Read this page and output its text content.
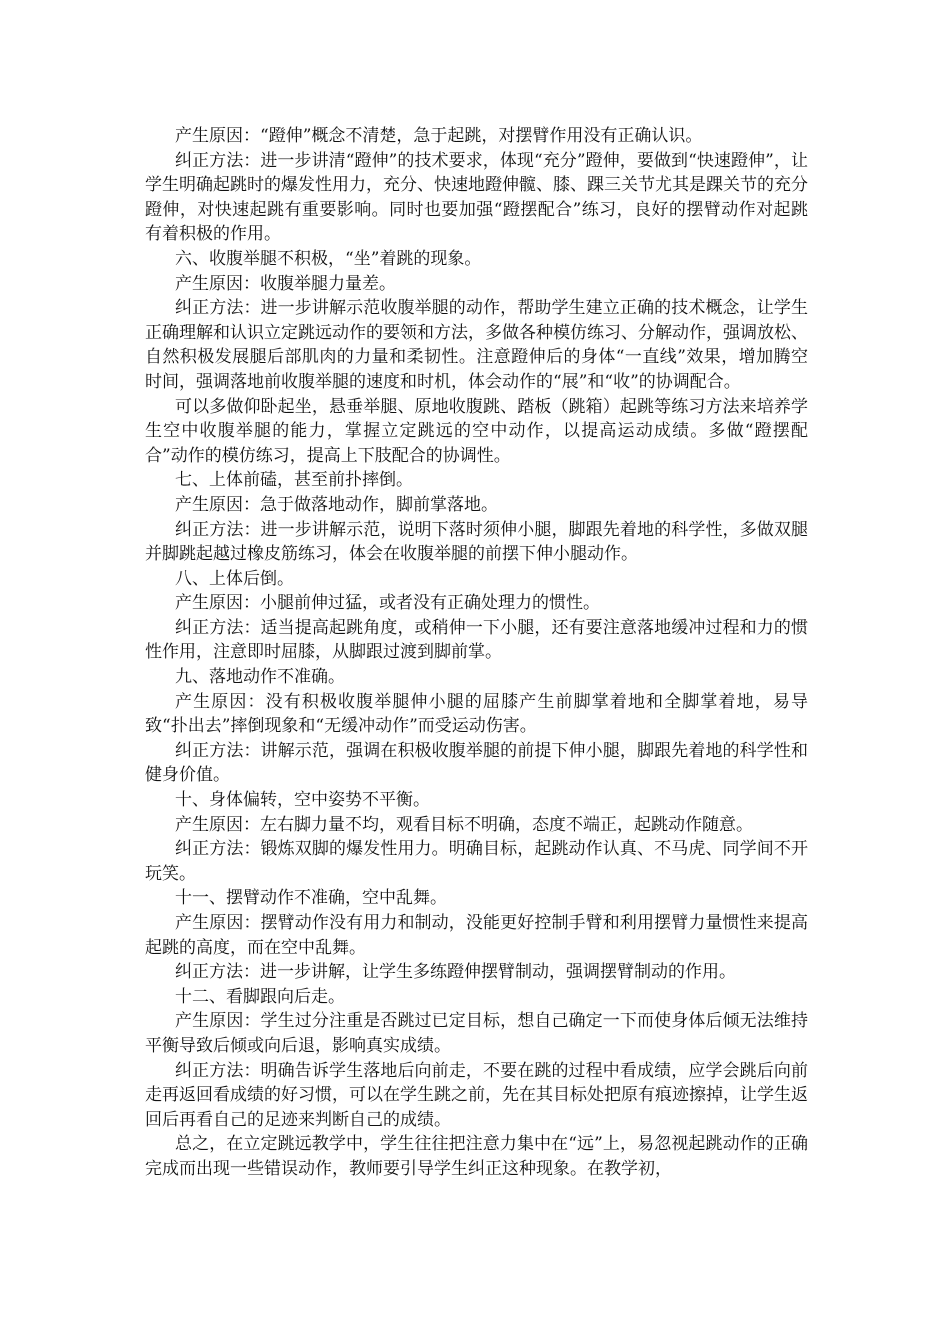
产生原因：“蹬伸”概念不清楚，急于起跳，对摆臂作用没有正确认识。

纠正方法：进一步讲清“蹬伸”的技术要求，体现“充分”蹬伸，要做到“快速蹬伸”，让学生明确起跳时的爆发性用力，充分、快速地蹬伸髋、膝、踝三关节尤其是踝关节的充分蹬伸，对快速起跳有重要影响。同时也要加强“蹬摆配合”练习，良好的摆臂动作对起跳有着积极的作用。

六、收腹举腿不积极，“坐”着跳的现象。

产生原因：收腹举腿力量差。

纠正方法：进一步讲解示范收腹举腿的动作，帮助学生建立正确的技术概念，让学生正确理解和认识立定跳远动作的要领和方法，多做各种模仿练习、分解动作，强调放松、自然积极发展腿后部肌肉的力量和柔韧性。注意蹬伸后的身体“一直线”效果，增加腾空时间，强调落地前收腹举腿的速度和时机，体会动作的“展”和“收”的协调配合。

可以多做仰卧起坐，悬垂举腿、原地收腹跳、踏板（跳箱）起跳等练习方法来培养学生空中收腹举腿的能力，掌握立定跳远的空中动作，以提高运动成绩。多做“蹬摆配合”动作的模仿练习，提高上下肢配合的协调性。

七、上体前磕，甚至前扑摔倒。

产生原因：急于做落地动作，脚前掌落地。

纠正方法：进一步讲解示范，说明下落时须伸小腿，脚跟先着地的科学性，多做双腿并脚跳起越过橡皮筋练习，体会在收腹举腿的前摆下伸小腿动作。

八、上体后倒。

产生原因：小腿前伸过猛，或者没有正确处理力的惯性。

纠正方法：适当提高起跳角度，或稍伸一下小腿，还有要注意落地缓冲过程和力的惯性作用，注意即时屈膝，从脚跟过渡到脚前掌。

九、落地动作不准确。

产生原因：没有积极收腹举腿伸小腿的屈膝产生前脚掌着地和全脚掌着地，易导致“扑出去”摔倒现象和“无缓冲动作”而受运动伤害。

纠正方法：讲解示范，强调在积极收腹举腿的前提下伸小腿，脚跟先着地的科学性和健身价值。

十、身体偏转，空中姿势不平衡。

产生原因：左右脚力量不均，观看目标不明确，态度不端正，起跳动作随意。

纠正方法：锻炼双脚的爆发性用力。明确目标，起跳动作认真、不马虎、同学间不开玩笑。

十一、摆臂动作不准确，空中乱舞。

产生原因：摆臂动作没有用力和制动，没能更好控制手臂和利用摆臂力量惯性来提高起跳的高度，而在空中乱舞。

纠正方法：进一步讲解，让学生多练蹬伸摆臂制动，强调摆臂制动的作用。

十二、看脚跟向后走。

产生原因：学生过分注重是否跳过已定目标，想自己确定一下而使身体后倾无法维持平衡导致后倾或向后退，影响真实成绩。

纠正方法：明确告诉学生落地后向前走，不要在跳的过程中看成绩，应学会跳后向前走再返回看成绩的好习惯，可以在学生跳之前，先在其目标处把原有痕迹擦掉，让学生返回后再看自己的足迹来判断自己的成绩。

总之，在立定跳远教学中，学生往往把注意力集中在“远”上，易忽视起跳动作的正确完成而出现一些错误动作，教师要引导学生纠正这种现象。在教学初，
